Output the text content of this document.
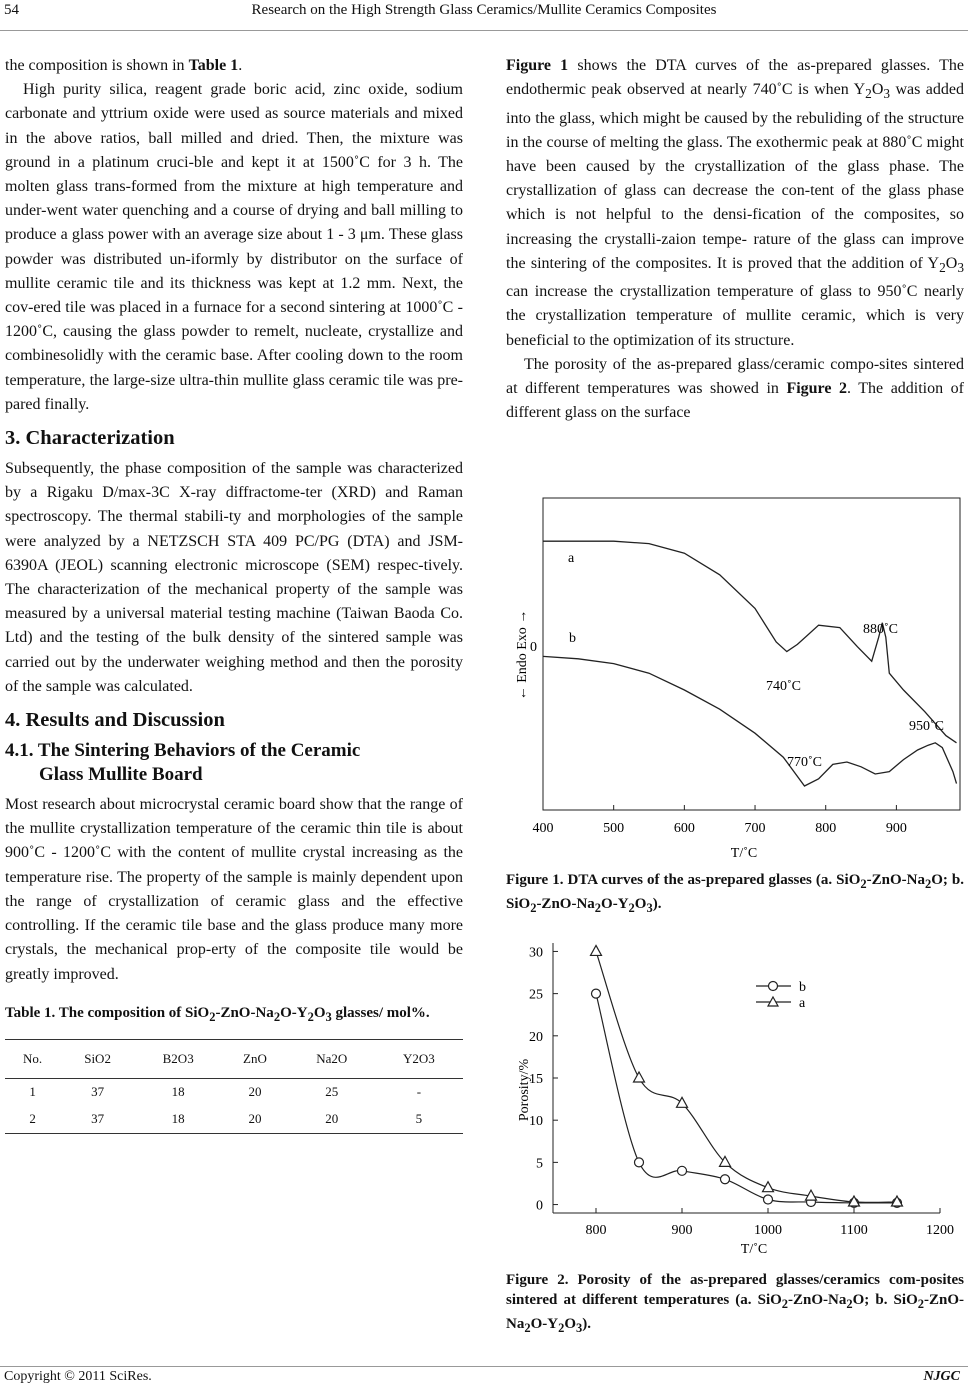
54	Research on the High Strength Glass Ceramics/Mullite Ceramics Composites

the composition is shown in Table 1.

High purity silica, reagent grade boric acid, zinc oxide, sodium carbonate and yttrium oxide were used as source materials and mixed in the above ratios, ball milled and dried. Then, the mixture was ground in a platinum cruci-ble and kept it at 1500˚C for 3 h. The molten glass trans-formed from the mixture at high temperature and under-went water quenching and a course of drying and ball milling to produce a glass power with an average size about 1 - 3 μm. These glass powder was distributed un-iformly by distributor on the surface of mullite ceramic tile and its thickness was kept at 1.2 mm. Next, the cov-ered tile was placed in a furnace for a second sintering at 1000˚C - 1200˚C, causing the glass powder to remelt, nucleate, crystallize and combinesolidly with the ceramic base. After cooling down to the room temperature, the large-size ultra-thin mullite glass ceramic tile was pre-pared finally.

3. Characterization

Subsequently, the phase composition of the sample was characterized by a Rigaku D/max-3C X-ray diffractome-ter (XRD) and Raman spectroscopy. The thermal stabili-ty and morphologies of the sample were analyzed by a NETZSCH STA 409 PC/PG (DTA) and JSM-6390A (JEOL) scanning electronic microscope (SEM) respec-tively. The characterization of the mechanical property of the sample was measured by a universal material testing machine (Taiwan Baoda Co. Ltd) and the testing of the bulk density of the sintered sample was carried out by the underwater weighing method and then the porosity of the sample was calculated.

4. Results and Discussion
4.1. The Sintering Behaviors of the Ceramic
Glass Mullite Board

Most research about microcrystal ceramic board show that the range of the mullite crystallization temperature of the ceramic thin tile is about 900˚C - 1200˚C with the content of mullite crystal increasing as the temperature rise. The property of the sample is mainly dependent upon the range of crystallization of ceramic glass and the effective controlling. If the ceramic tile base and the glass produce many more crystals, the mechanical prop-erty of the composite tile would be greatly improved.

Table 1. The composition of $SiO_2-ZnO-Na_2O-Y_2O_3$ glasses/ mol%.

No.	SiO2	B2O3	ZnO	Na2O	Y2O3
1	37	18	20	25	-
2	37	18	20	20	5

Figure 1 shows the DTA curves of the as-prepared glasses. The endothermic peak observed at nearly 740˚C is when $Y_2O_3$ was added into the glass, which might be caused by the rebuliding of the structure in the course of melting the glass. The exothermic peak at 880˚C might have been caused by the crystallization of the glass phase. The crystallization of glass can decrease the con-tent of the glass phase which is not helpful to the densi-fication of the composites, so increasing the crystalli-zaion tempe- rature of the glass can improve the sintering of the composites. It is proved that the addition of $Y_2O_3$ can increase the crystallization temperature of glass to 950˚C nearly the crystallization temperature of mullite ceramic, which is very beneficial to the optimization of its structure.

The porosity of the as-prepared glass/ceramic compo-sites sintered at different temperatures was showed in Figure 2. The addition of different glass on the surface

400	500	600	700	800	900
0
← Endo Exo →
T/˚C
a
b
880˚C
740˚C
950˚C
770˚C
Figure 1. DTA curves of the as-prepared glasses (a. $SiO_2-ZnO-Na_2O$; b. $SiO_2-ZnO-Na_2O-Y_2O_3$).
0
5
10
15
20
25
30
800	900	1000	1100	1200
b
a
Porosity/%
T/˚C
Figure 2. Porosity of the as-prepared glasses/ceramics com-posites sintered at different temperatures (a. $SiO_2-ZnO-Na_2O$; b. $SiO_2-ZnO-Na_2O-Y_2O_3$).
Copyright © 2011 SciRes.	NJGC
